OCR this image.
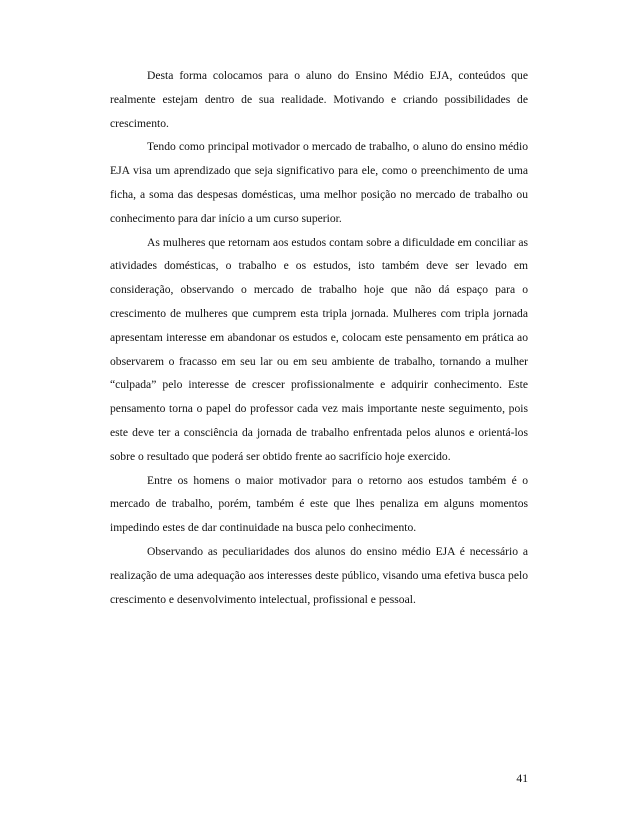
Desta forma colocamos para o aluno do Ensino Médio EJA, conteúdos que realmente estejam dentro de sua realidade. Motivando e criando possibilidades de crescimento.

Tendo como principal motivador o mercado de trabalho, o aluno do ensino médio EJA visa um aprendizado que seja significativo para ele, como o preenchimento de uma ficha, a soma das despesas domésticas, uma melhor posição no mercado de trabalho ou conhecimento para dar início a um curso superior.

As mulheres que retornam aos estudos contam sobre a dificuldade em conciliar as atividades domésticas, o trabalho e os estudos, isto também deve ser levado em consideração, observando o mercado de trabalho hoje que não dá espaço para o crescimento de mulheres que cumprem esta tripla jornada. Mulheres com tripla jornada apresentam interesse em abandonar os estudos e, colocam este pensamento em prática ao observarem o fracasso em seu lar ou em seu ambiente de trabalho, tornando a mulher “culpada” pelo interesse de crescer profissionalmente e adquirir conhecimento. Este pensamento torna o papel do professor cada vez mais importante neste seguimento, pois este deve ter a consciência da jornada de trabalho enfrentada pelos alunos e orientá-los sobre o resultado que poderá ser obtido frente ao sacrifício hoje exercido.

Entre os homens o maior motivador para o retorno aos estudos também é o mercado de trabalho, porém, também é este que lhes penaliza em alguns momentos impedindo estes de dar continuidade na busca pelo conhecimento.

Observando as peculiaridades dos alunos do ensino médio EJA é necessário a realização de uma adequação aos interesses deste público, visando uma efetiva busca pelo crescimento e desenvolvimento intelectual, profissional e pessoal.

41
